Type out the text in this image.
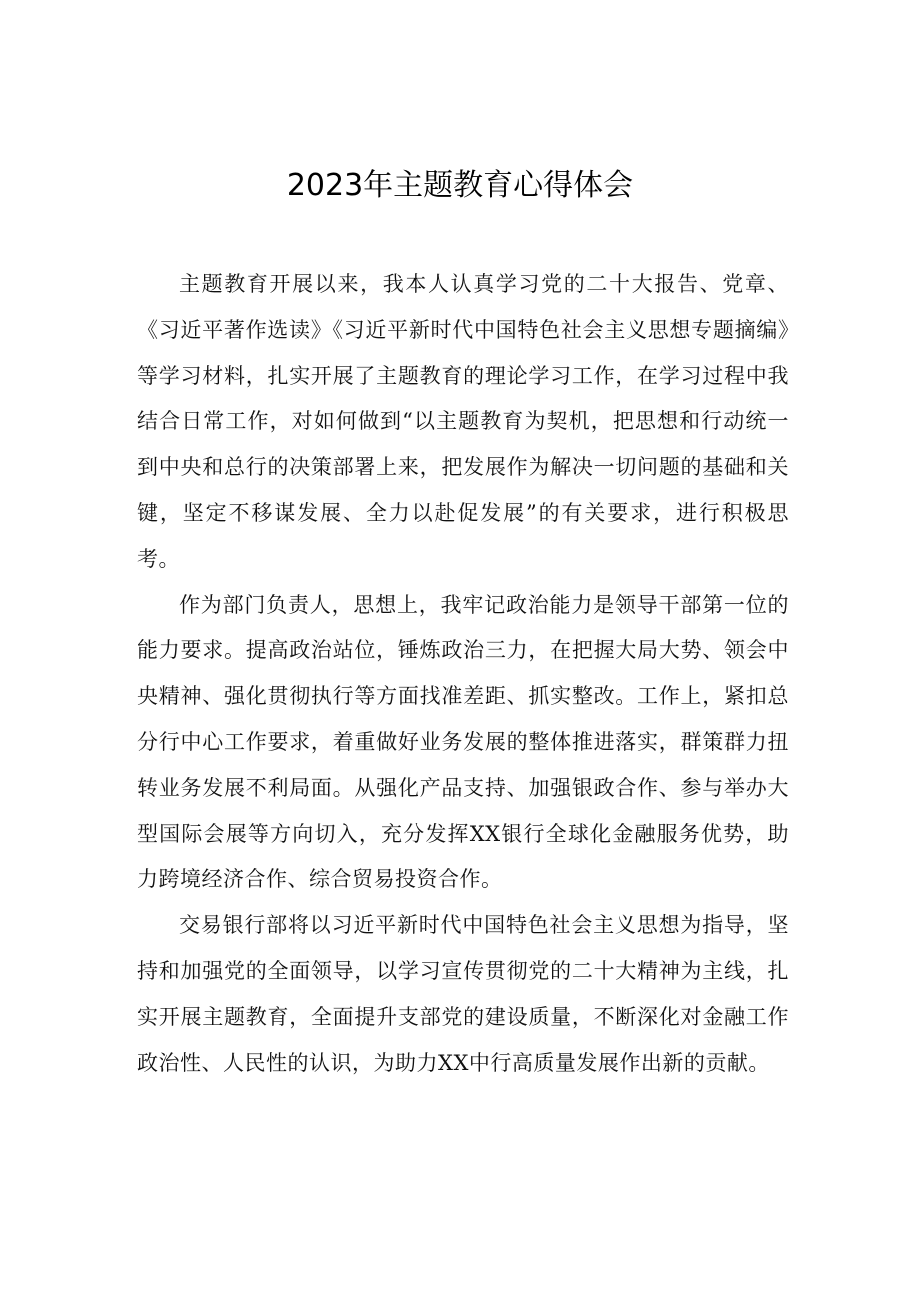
2023年主题教育心得体会

主题教育开展以来，我本人认真学习党的二十大报告、党章、《习近平著作选读》《习近平新时代中国特色社会主义思想专题摘编》等学习材料，扎实开展了主题教育的理论学习工作，在学习过程中我结合日常工作，对如何做到“以主题教育为契机，把思想和行动统一到中央和总行的决策部署上来，把发展作为解决一切问题的基础和关键，坚定不移谋发展、全力以赴促发展”的有关要求，进行积极思考。

作为部门负责人，思想上，我牢记政治能力是领导干部第一位的能力要求。提高政治站位，锤炼政治三力，在把握大局大势、领会中央精神、强化贯彻执行等方面找准差距、抓实整改。工作上，紧扣总分行中心工作要求，着重做好业务发展的整体推进落实，群策群力扭转业务发展不利局面。从强化产品支持、加强银政合作、参与举办大型国际会展等方向切入，充分发挥XX银行全球化金融服务优势，助力跨境经济合作、综合贸易投资合作。

交易银行部将以习近平新时代中国特色社会主义思想为指导，坚持和加强党的全面领导，以学习宣传贯彻党的二十大精神为主线，扎实开展主题教育，全面提升支部党的建设质量，不断深化对金融工作政治性、人民性的认识，为助力XX中行高质量发展作出新的贡献。
